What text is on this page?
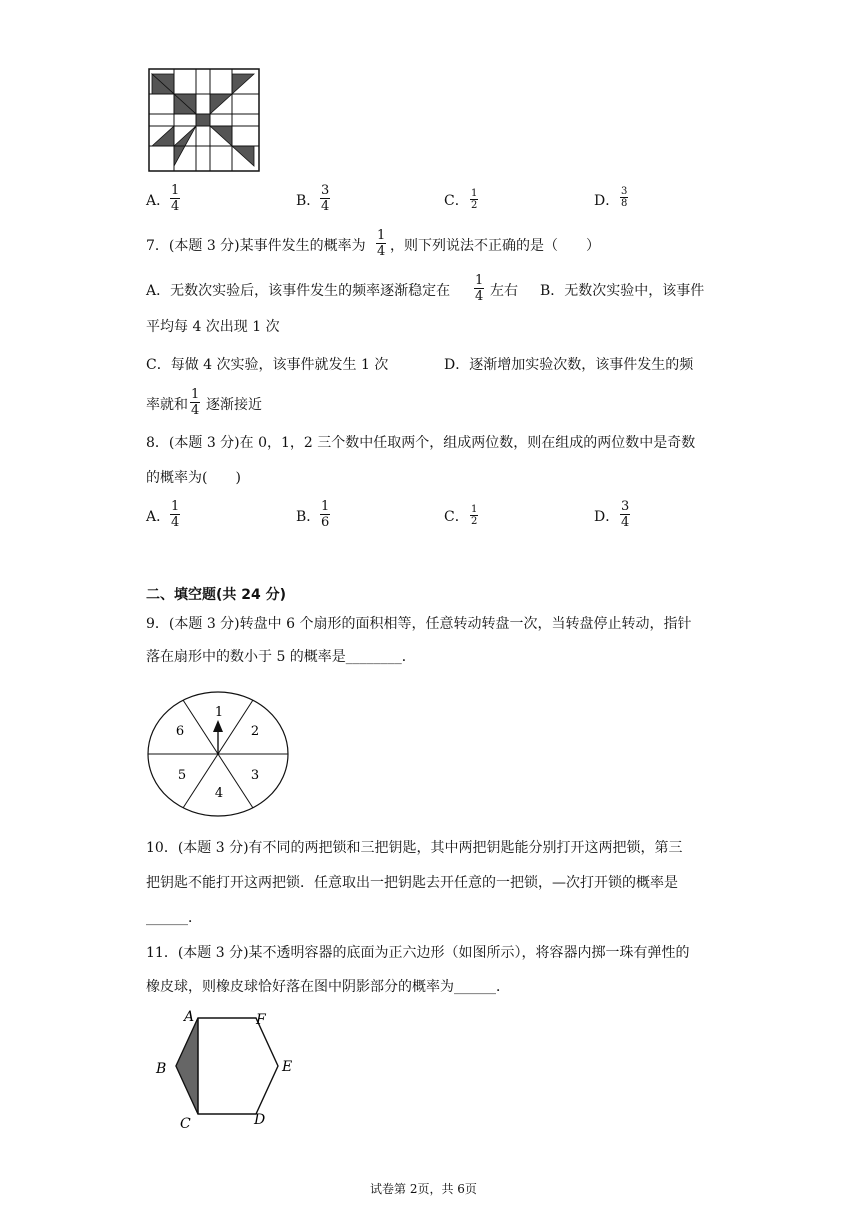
A． $\frac{1}{4}$	B． $\frac{3}{4}$	C． $\frac{1}{2}$	D． $\frac{3}{8}$
7．(本题 3 分)某事件发生的概率为 $\frac{1}{4}$ ，则下列说法不正确的是（　　）
A．无数次实验后，该事件发生的频率逐渐稳定在 $\frac{1}{4}$ 左右 B．无数次实验中，该事件
平均每 4 次出现 1 次
C．每做 4 次实验，该事件就发生 1 次	D．逐渐增加实验次数，该事件发生的频
率就和 $\frac{1}{4}$ 逐渐接近
8．(本题 3 分)在 0，1，2 三个数中任取两个，组成两位数，则在组成的两位数中是奇数
的概率为(　　)
A． $\frac{1}{4}$	B． $\frac{1}{6}$	C． $\frac{1}{2}$	D． $\frac{3}{4}$
二、填空题(共 24 分)
9．(本题 3 分)转盘中 6 个扇形的面积相等，任意转动转盘一次，当转盘停止转动，指针
落在扇形中的数小于 5 的概率是________．
1
2
3
4
5
6
10．(本题 3 分)有不同的两把锁和三把钥匙，其中两把钥匙能分别打开这两把锁，第三
把钥匙不能打开这两把锁．任意取出一把钥匙去开任意的一把锁，—次打开锁的概率是
______．
11．(本题 3 分)某不透明容器的底面为正六边形（如图所示），将容器内掷一珠有弹性的
橡皮球，则橡皮球恰好落在图中阴影部分的概率为______．
A
B
C	D
E
F
试卷第 2页，共 6页
